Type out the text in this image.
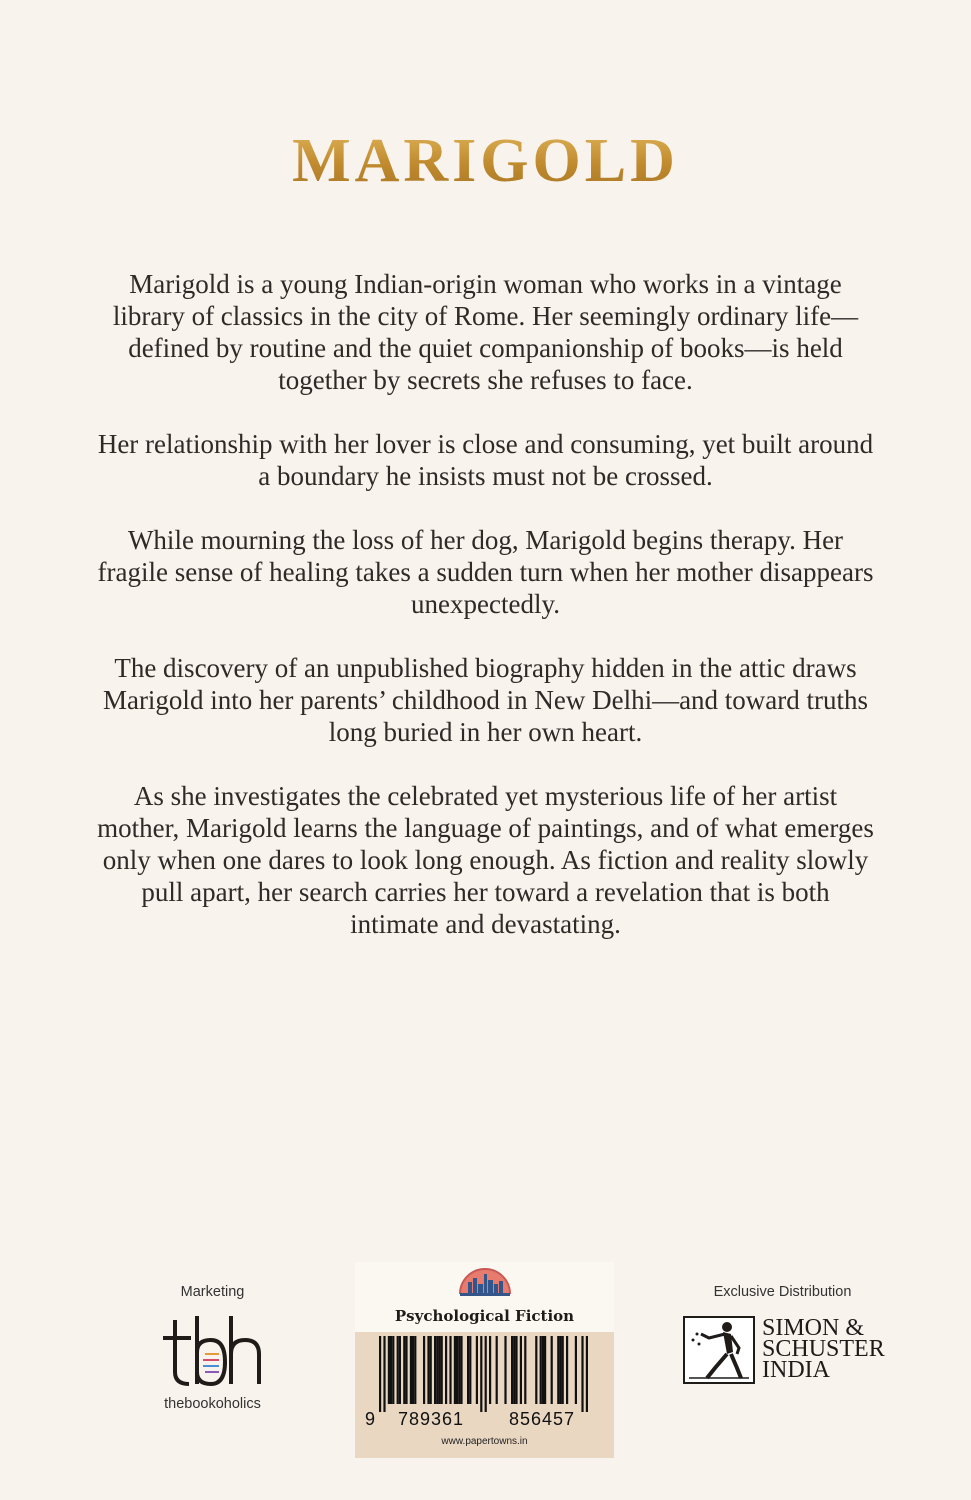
MARIGOLD

Marigold is a young Indian-origin woman who works in a vintage library of classics in the city of Rome. Her seemingly ordinary life—defined by routine and the quiet companionship of books—is held together by secrets she refuses to face.

Her relationship with her lover is close and consuming, yet built around a boundary he insists must not be crossed.

While mourning the loss of her dog, Marigold begins therapy. Her fragile sense of healing takes a sudden turn when her mother disappears unexpectedly.

The discovery of an unpublished biography hidden in the attic draws Marigold into her parents’ childhood in New Delhi—and toward truths long buried in her own heart.

As she investigates the celebrated yet mysterious life of her artist mother, Marigold learns the language of paintings, and of what emerges only when one dares to look long enough. As fiction and reality slowly pull apart, her search carries her toward a revelation that is both intimate and devastating.

Marketing
thebookoholics
Psychological Fiction
9 789361 856457
www.papertowns.in
Exclusive Distribution
SIMON &
SCHUSTER
INDIA
